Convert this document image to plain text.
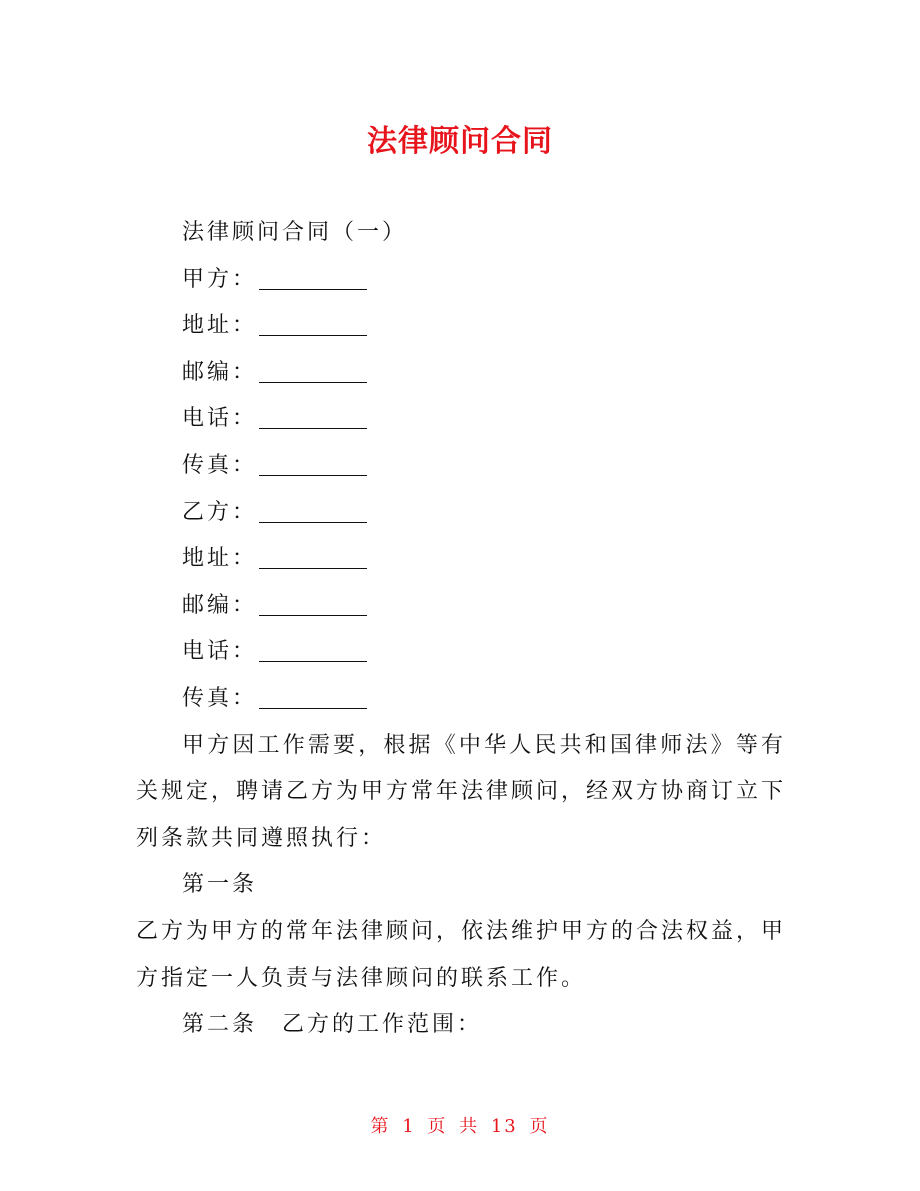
法律顾问合同
法律顾问合同（一）
甲方：
地址：
邮编：
电话：
传真：
乙方：
地址：
邮编：
电话：
传真：
甲方因工作需要，根据《中华人民共和国律师法》等有关规定，聘请乙方为甲方常年法律顾问，经双方协商订立下列条款共同遵照执行：
第一条
乙方为甲方的常年法律顾问，依法维护甲方的合法权益，甲方指定一人负责与法律顾问的联系工作。
第二条　乙方的工作范围：
第 1 页 共 13 页
